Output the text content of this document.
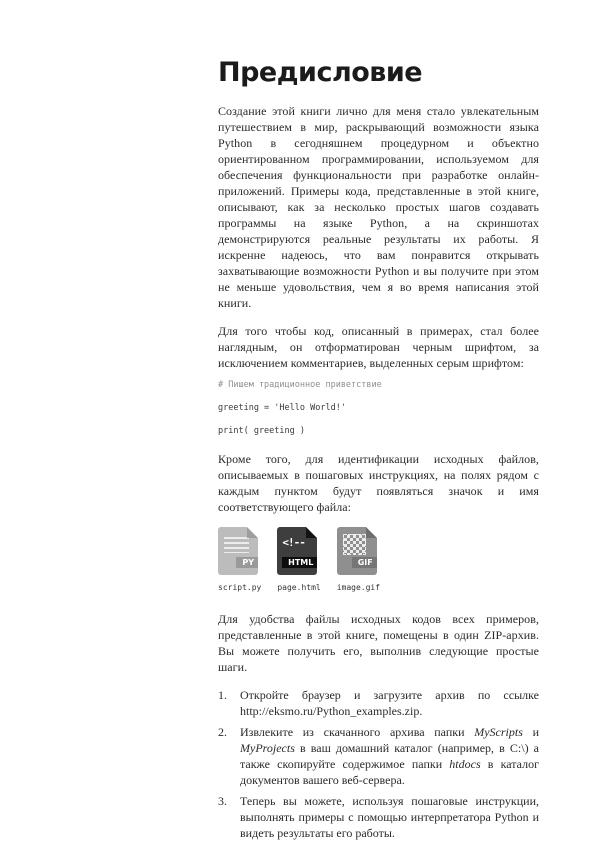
Предисловие

Создание этой книги лично для меня стало увлекательным путешествием в мир, раскрывающий возможности языка Python в сегодняшнем процедурном и объектно ориентированном программировании, используемом для обеспечения функциональности при разработке онлайн-приложений. Примеры кода, представленные в этой книге, описывают, как за несколько простых шагов создавать программы на языке Python, а на скриншотах демонстрируются реальные результаты их работы. Я искренне надеюсь, что вам понравится открывать захватывающие возможности Python и вы получите при этом не меньше удовольствия, чем я во время написания этой книги.

Для того чтобы код, описанный в примерах, стал более наглядным, он отформатирован черным шрифтом, за исключением комментариев, выделенных серым шрифтом:

# Пишем традиционное приветствие
greeting = 'Hello World!'
print( greeting )

Кроме того, для идентификации исходных файлов, описываемых в пошаговых инструкциях, на полях рядом с каждым пунктом будут появляться значок и имя соответствующего файла:

PY
script.py
<!--
HTML
page.html
GIF
image.gif

Для удобства файлы исходных кодов всех примеров, представленные в этой книге, помещены в один ZIP-архив. Вы можете получить его, выполнив следующие простые шаги.

1.	Откройте браузер и загрузите архив по ссылке http://eksmo.ru/Python_examples.zip.
2.	Извлеките из скачанного архива папки MyScripts и MyProjects в ваш домашний каталог (например, в C:\) а также скопируйте содержимое папки htdocs в каталог документов вашего веб-сервера.
3.	Теперь вы можете, используя пошаговые инструкции, выполнять примеры с помощью интерпретатора Python и видеть результаты его работы.
